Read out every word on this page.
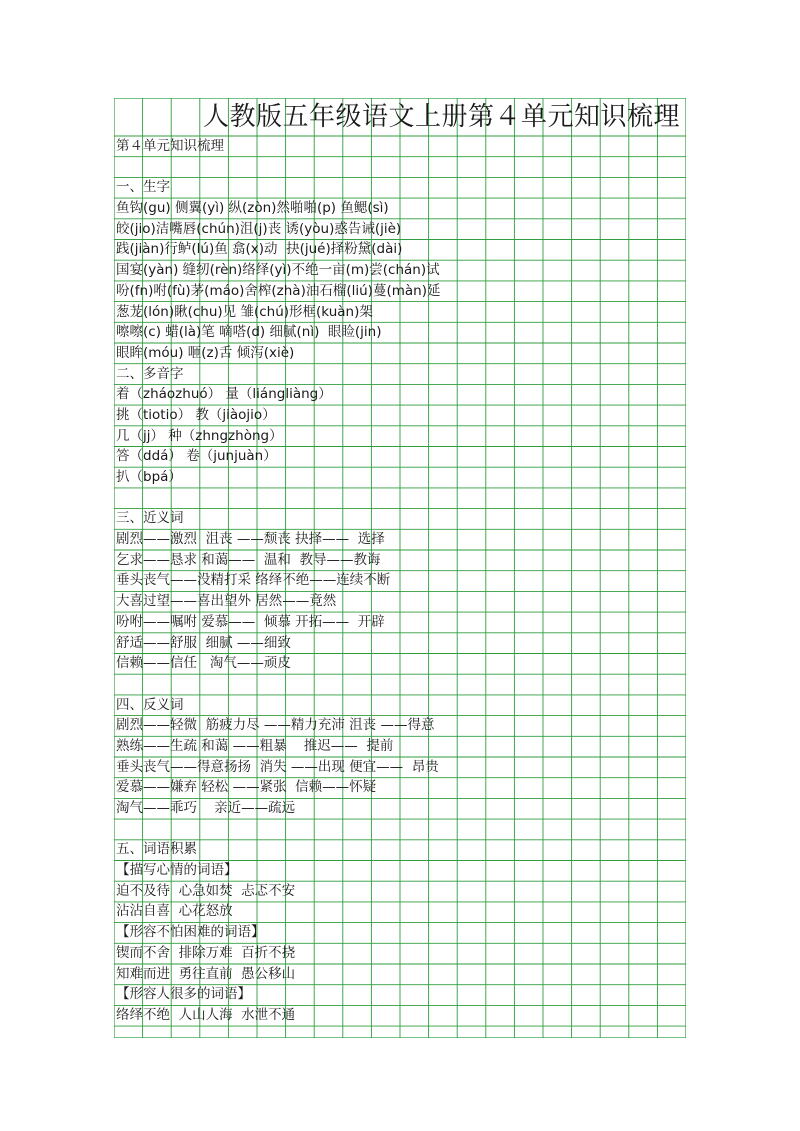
人教版五年级语文上册第４单元知识梳理
第４单元知识梳理
一、生字
鱼钩(gu) 侧翼(yì) 纵(zòn)然啪啪(p) 鱼鳃(sì)
皎(jio)洁嘴唇(chún)沮(j)丧 诱(yòu)惑告诫(jiè)
践(jiàn)行鲈(lú)鱼 翕(x)动  抉(jué)择粉黛(dài)
国宴(yàn) 缝纫(rèn)络绎(yì)不绝一亩(m)尝(chán)试
吩(fn)咐(fù)茅(máo)舍榨(zhà)油石榴(liú)蔓(màn)延
葱茏(lón)瞅(chu)见 雏(chú)形框(kuàn)架
嚓嚓(c) 蜡(là)笔 嘀嗒(d) 细腻(nì)  眼睑(jin)
眼眸(móu) 咂(z)舌 倾泻(xiè)
二、多音字
着（zháozhuó） 量（liángliàng）
挑（tiotio） 教（jiàojio）
几（jj） 种（zhngzhòng）
答（ddá） 卷（junjuàn）
扒（bpá）
三、近义词
剧烈——激烈  沮丧 ——颓丧 抉择——  选择
乞求——恳求 和蔼——  温和  教导——教诲
垂头丧气——没精打采 络绎不绝——连续不断
大喜过望——喜出望外 居然——竟然
吩咐——嘱咐 爱慕——  倾慕 开拓——  开辟
舒适——舒服  细腻 ——细致
信赖——信任   淘气——顽皮
四、反义词
剧烈——轻微  筋疲力尽 ——精力充沛 沮丧 ——得意
熟练——生疏 和蔼 ——粗暴    推迟——  提前
垂头丧气——得意扬扬  消失 ——出现 便宜——  昂贵
爱慕——嫌弃 轻松 ——紧张  信赖——怀疑
淘气——乖巧    亲近——疏远
五、词语积累
【描写心情的词语】
迫不及待  心急如焚  忐忑不安
沾沾自喜  心花怒放
【形容不怕困难的词语】
锲而不舍  排除万难  百折不挠
知难而进  勇往直前  愚公移山
【形容人很多的词语】
络绎不绝  人山人海  水泄不通
